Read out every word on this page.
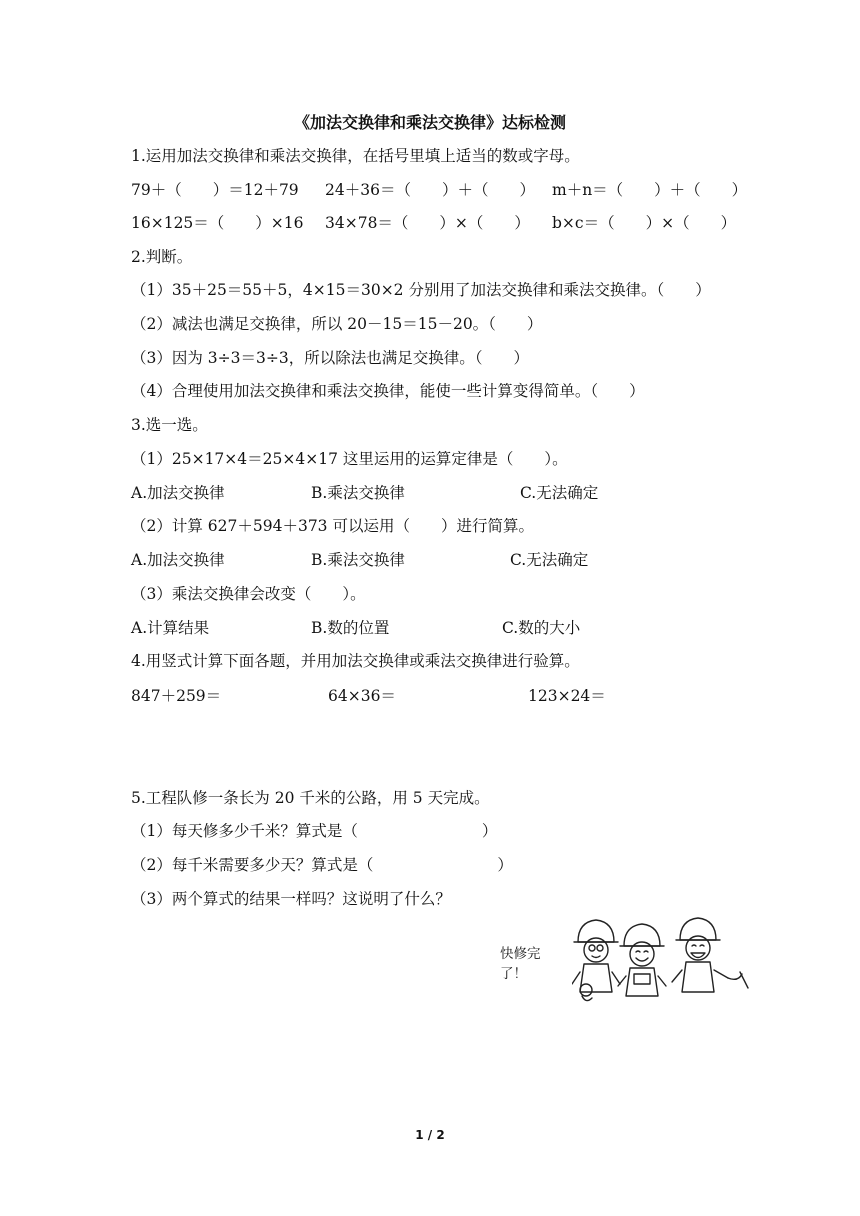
《加法交换律和乘法交换律》达标检测
1.运用加法交换律和乘法交换律，在括号里填上适当的数或字母。
79＋（　　）＝12＋79 24＋36＝（　　）＋（　　） m＋n＝（　　）＋（　　）
16×125＝（　　）×16 34×78＝（　　）×（　　） b×c＝（　　）×（　　）
2.判断。
（1）35＋25＝55＋5，4×15＝30×2 分别用了加法交换律和乘法交换律。（　　）
（2）减法也满足交换律，所以 20－15＝15－20。（　　）
（3）因为 3÷3＝3÷3，所以除法也满足交换律。（　　）
（4）合理使用加法交换律和乘法交换律，能使一些计算变得简单。（　　）
3.选一选。
（1）25×17×4＝25×4×17 这里运用的运算定律是（　　）。
A.加法交换律	B.乘法交换律	C.无法确定
（2）计算 627＋594＋373 可以运用（　　）进行简算。
A.加法交换律	B.乘法交换律	C.无法确定
（3）乘法交换律会改变（　　）。
A.计算结果	B.数的位置	C.数的大小
4.用竖式计算下面各题，并用加法交换律或乘法交换律进行验算。
847＋259＝	64×36＝	123×24＝
5.工程队修一条长为 20 千米的公路，用 5 天完成。
（1）每天修多少千米？算式是（　　　　　　　　）
（2）每千米需要多少天？算式是（　　　　　　　　）
（3）两个算式的结果一样吗？这说明了什么？
快修完
了！
1 / 2
